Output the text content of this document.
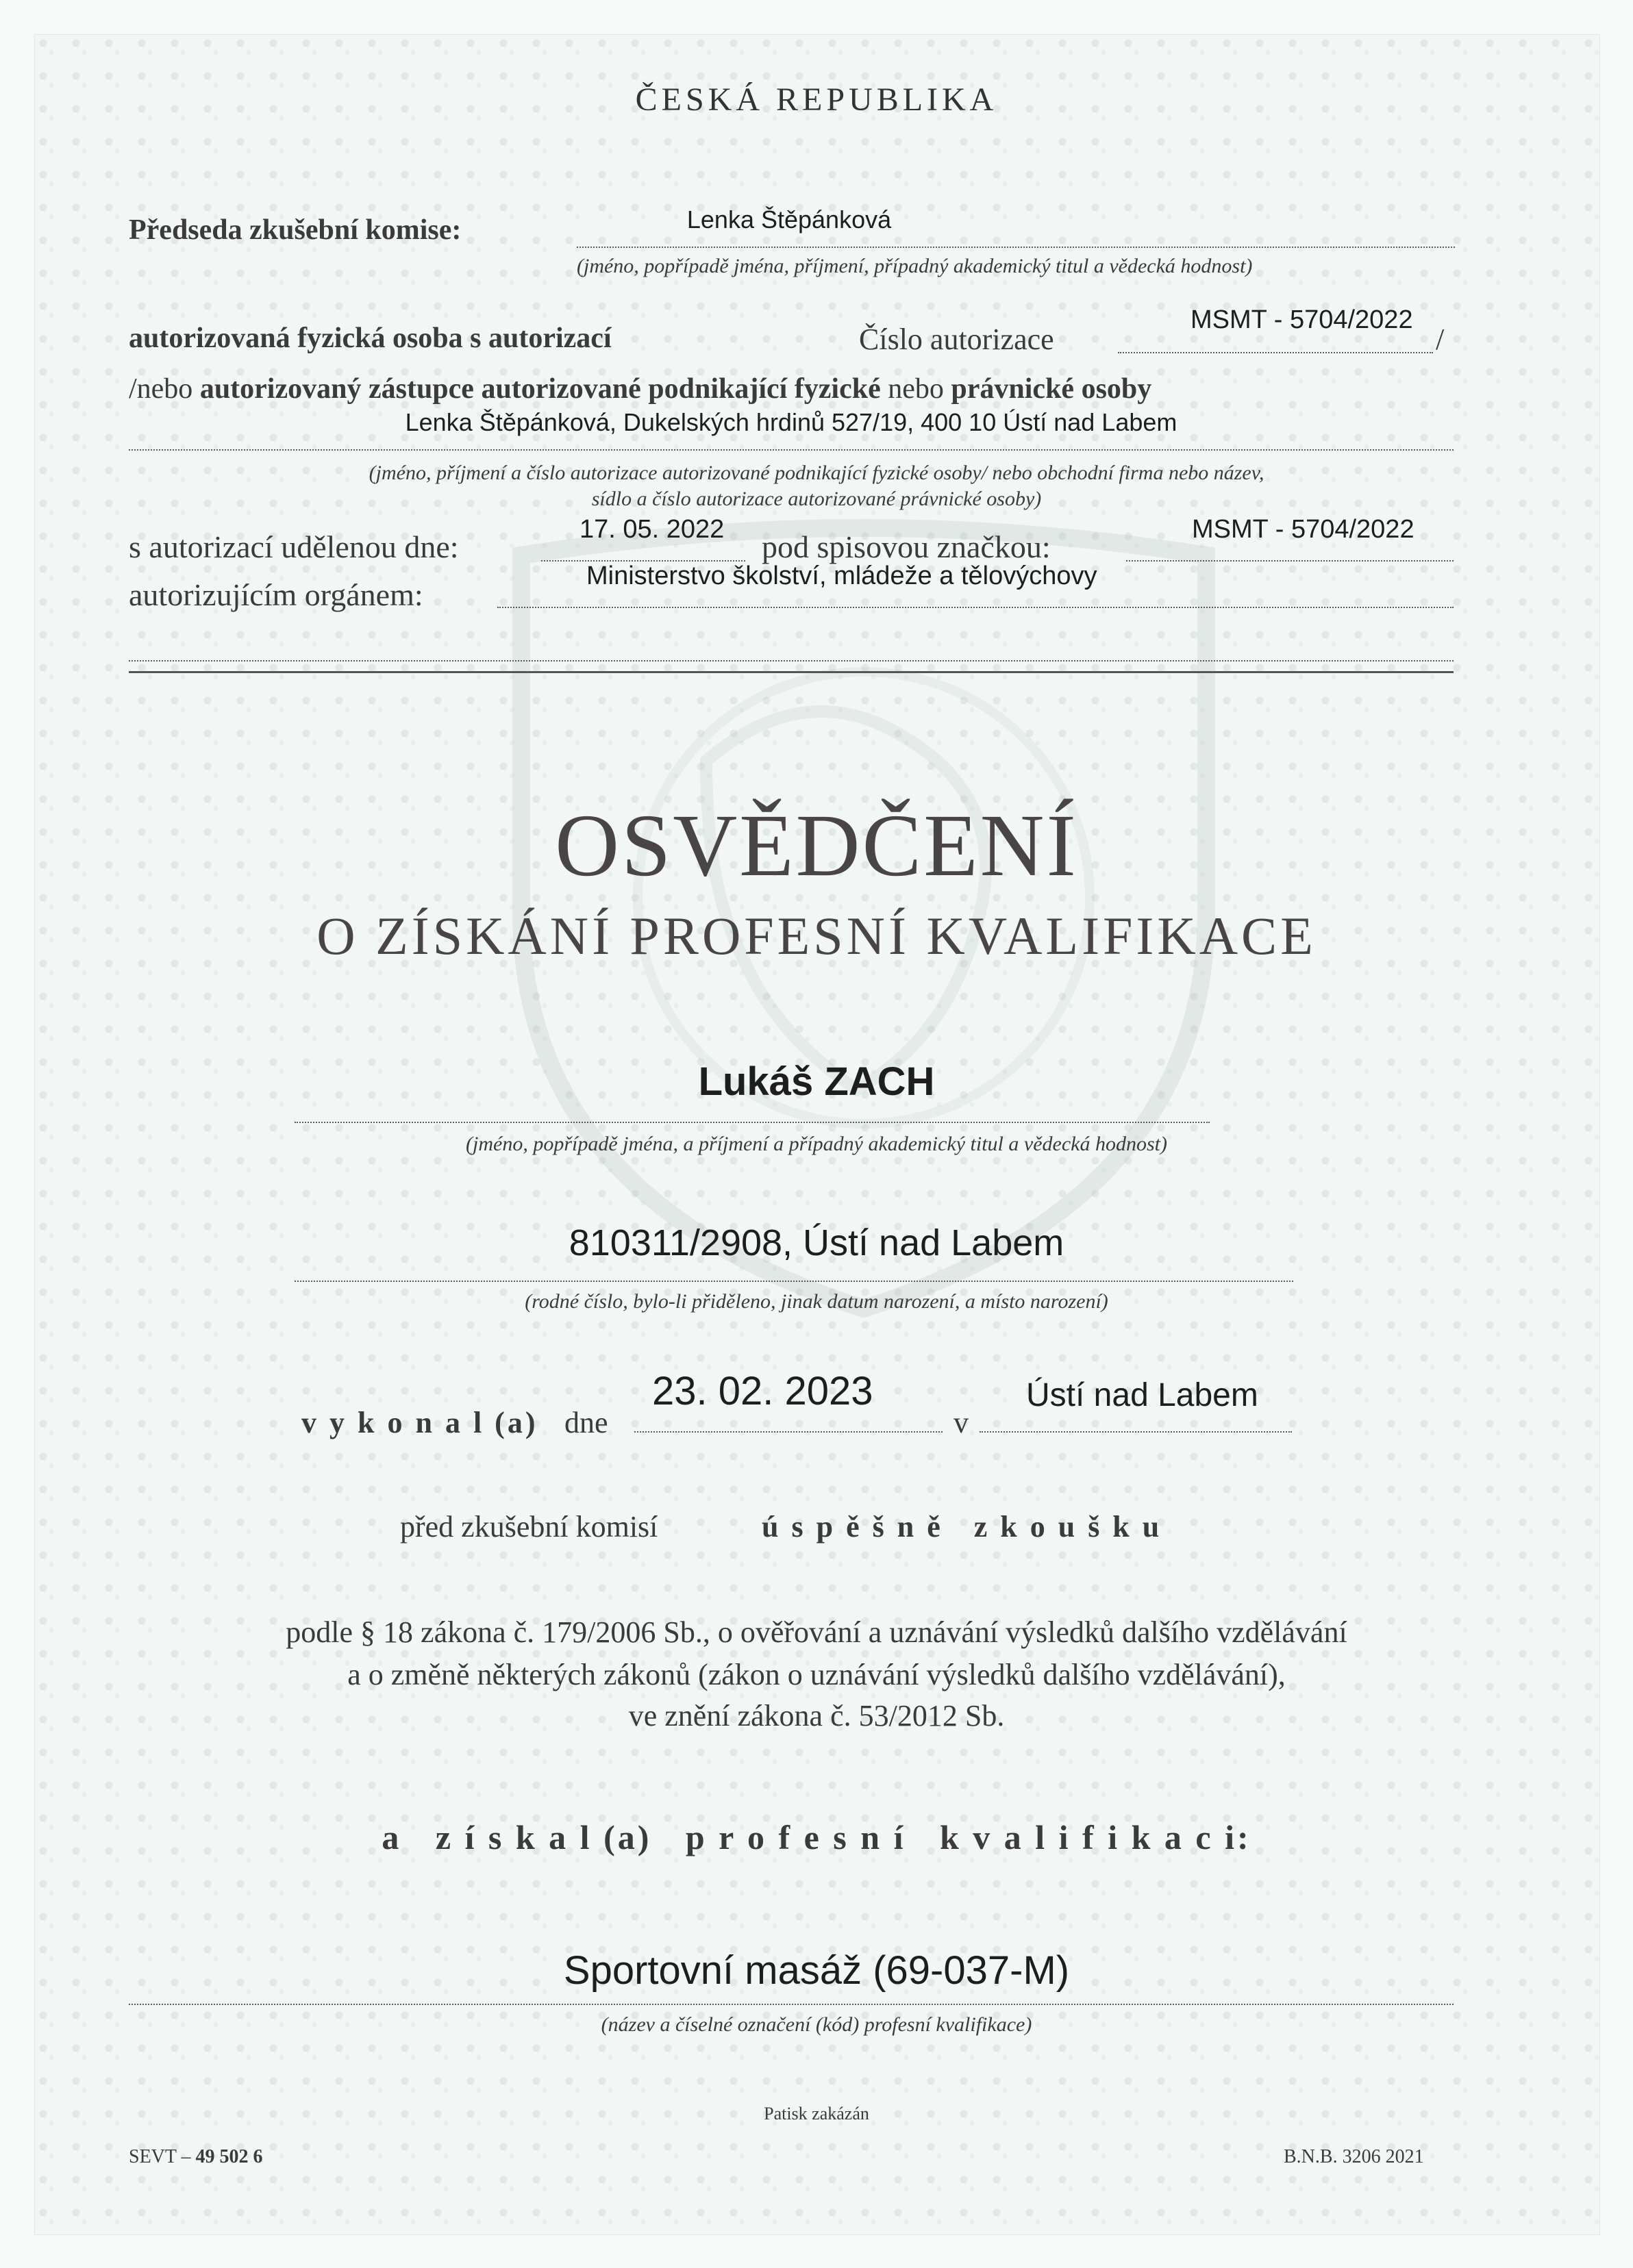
ČESKÁ REPUBLIKA
Předseda zkušební komise:	Lenka Štěpánková
(jméno, popřípadě jména, příjmení, případný akademický titul a vědecká hodnost)
autorizovaná fyzická osoba s autorizací	Číslo autorizace
MSMT - 5704/2022
/
/nebo autorizovaný zástupce autorizované podnikající fyzické nebo právnické osoby
Lenka Štěpánková, Dukelských hrdinů 527/19, 400 10 Ústí nad Labem
(jméno, příjmení a číslo autorizace autorizované podnikající fyzické osoby/ nebo obchodní firma nebo název,
sídlo a číslo autorizace autorizované právnické osoby)
s autorizací udělenou dne:	17. 05. 2022 pod spisovou značkou:	MSMT - 5704/2022
autorizujícím orgánem:
Ministerstvo školství, mládeže a tělovýchovy
OSVĚDČENÍ
O ZÍSKÁNÍ PROFESNÍ KVALIFIKACE
Lukáš ZACH
(jméno, popřípadě jména, a příjmení a případný akademický titul a vědecká hodnost)
810311/2908, Ústí nad Labem
(rodné číslo, bylo-li přiděleno, jinak datum narození, a místo narození)
v y k o n a l (a) dne
23. 02. 2023
v
Ústí nad Labem
před zkušební komisí	ú s p ě š n ě   z k o u š k u
podle § 18 zákona č. 179/2006 Sb., o ověřování a uznávání výsledků dalšího vzdělávání
a o změně některých zákonů (zákon o uznávání výsledků dalšího vzdělávání),
ve znění zákona č. 53/2012 Sb.
a   z í s k a l (a)   p r o f e s n í   k v a l i f i k a c i:
Sportovní masáž (69-037-M)
(název a číselné označení (kód) profesní kvalifikace)
Patisk zakázán
SEVT – 49 502 6	B.N.B. 3206 2021
